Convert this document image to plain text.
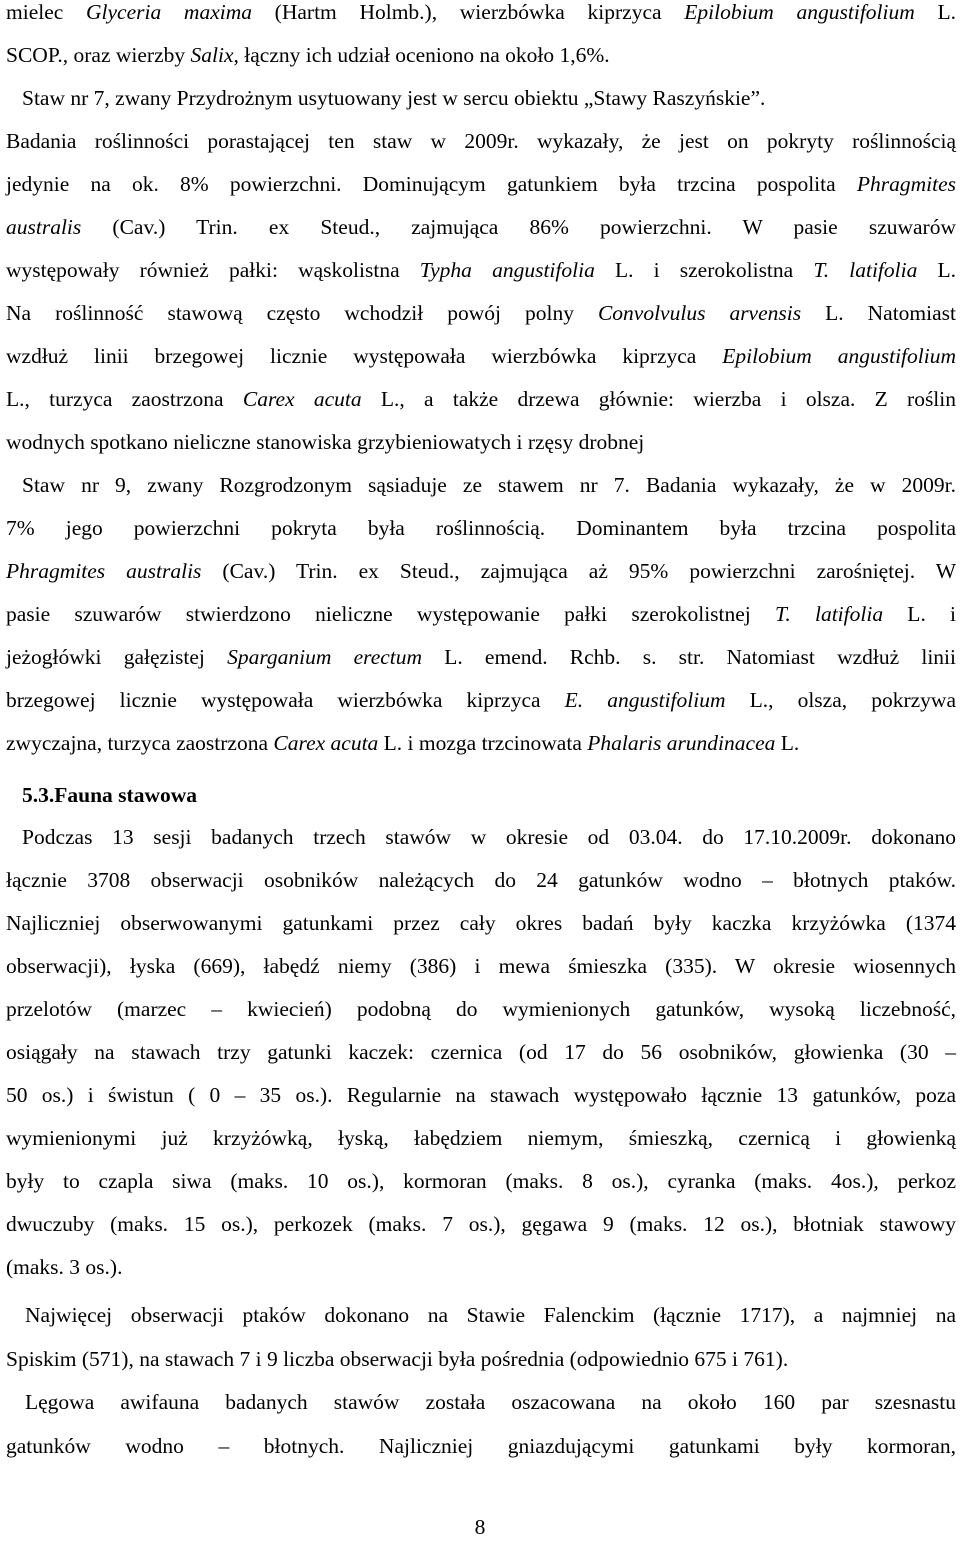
mielec Glyceria maxima (Hartm Holmb.), wierzbówka kiprzyca Epilobium angustifolium L.
SCOP., oraz wierzby Salix, łączny ich udział oceniono na około 1,6%.
Staw nr 7, zwany Przydrożnym usytuowany jest w sercu obiektu „Stawy Raszyńskie”.
Badania roślinności porastającej ten staw w 2009r. wykazały, że jest on pokryty roślinnością
jedynie na ok. 8% powierzchni. Dominującym gatunkiem była trzcina pospolita Phragmites
australis (Cav.) Trin. ex Steud., zajmująca 86% powierzchni. W pasie szuwarów
występowały również pałki: wąskolistna Typha angustifolia L. i szerokolistna T. latifolia L.
Na roślinność stawową często wchodził powój polny Convolvulus arvensis L. Natomiast
wzdłuż linii brzegowej licznie występowała wierzbówka kiprzyca Epilobium angustifolium
L., turzyca zaostrzona Carex acuta L., a także drzewa głównie: wierzba i olsza. Z roślin
wodnych spotkano nieliczne stanowiska grzybieniowatych i rzęsy drobnej
Staw nr 9, zwany Rozgrodzonym sąsiaduje ze stawem nr 7. Badania wykazały, że w 2009r.
7% jego powierzchni pokryta była roślinnością. Dominantem była trzcina pospolita
Phragmites australis (Cav.) Trin. ex Steud., zajmująca aż 95% powierzchni zarośniętej. W
pasie szuwarów stwierdzono nieliczne występowanie pałki szerokolistnej T. latifolia L. i
jeżogłówki gałęzistej Sparganium erectum L. emend. Rchb. s. str. Natomiast wzdłuż linii
brzegowej licznie występowała wierzbówka kiprzyca E. angustifolium L., olsza, pokrzywa
zwyczajna, turzyca zaostrzona Carex acuta L. i mozga trzcinowata Phalaris arundinacea L.
5.3.Fauna stawowa
Podczas 13 sesji badanych trzech stawów w okresie od 03.04. do 17.10.2009r. dokonano
łącznie 3708 obserwacji osobników należących do 24 gatunków wodno – błotnych ptaków.
Najliczniej obserwowanymi gatunkami przez cały okres badań były kaczka krzyżówka (1374
obserwacji), łyska (669), łabędź niemy (386) i mewa śmieszka (335). W okresie wiosennych
przelotów (marzec – kwiecień) podobną do wymienionych gatunków, wysoką liczebność,
osiągały na stawach trzy gatunki kaczek: czernica (od 17 do 56 osobników, głowienka (30 –
50 os.) i świstun ( 0 – 35 os.). Regularnie na stawach występowało łącznie 13 gatunków, poza
wymienionymi już krzyżówką, łyską, łabędziem niemym, śmieszką, czernicą i głowienką
były to czapla siwa (maks. 10 os.), kormoran (maks. 8 os.), cyranka (maks. 4os.), perkoz
dwuczuby (maks. 15 os.), perkozek (maks. 7 os.), gęgawa 9 (maks. 12 os.), błotniak stawowy
(maks. 3 os.).
Najwięcej obserwacji ptaków dokonano na Stawie Falenckim (łącznie 1717), a najmniej na
Spiskim (571), na stawach 7 i 9 liczba obserwacji była pośrednia (odpowiednio 675 i 761).
Lęgowa awifauna badanych stawów została oszacowana na około 160 par szesnastu
gatunków wodno – błotnych. Najliczniej gniazdującymi gatunkami były kormoran,
8
